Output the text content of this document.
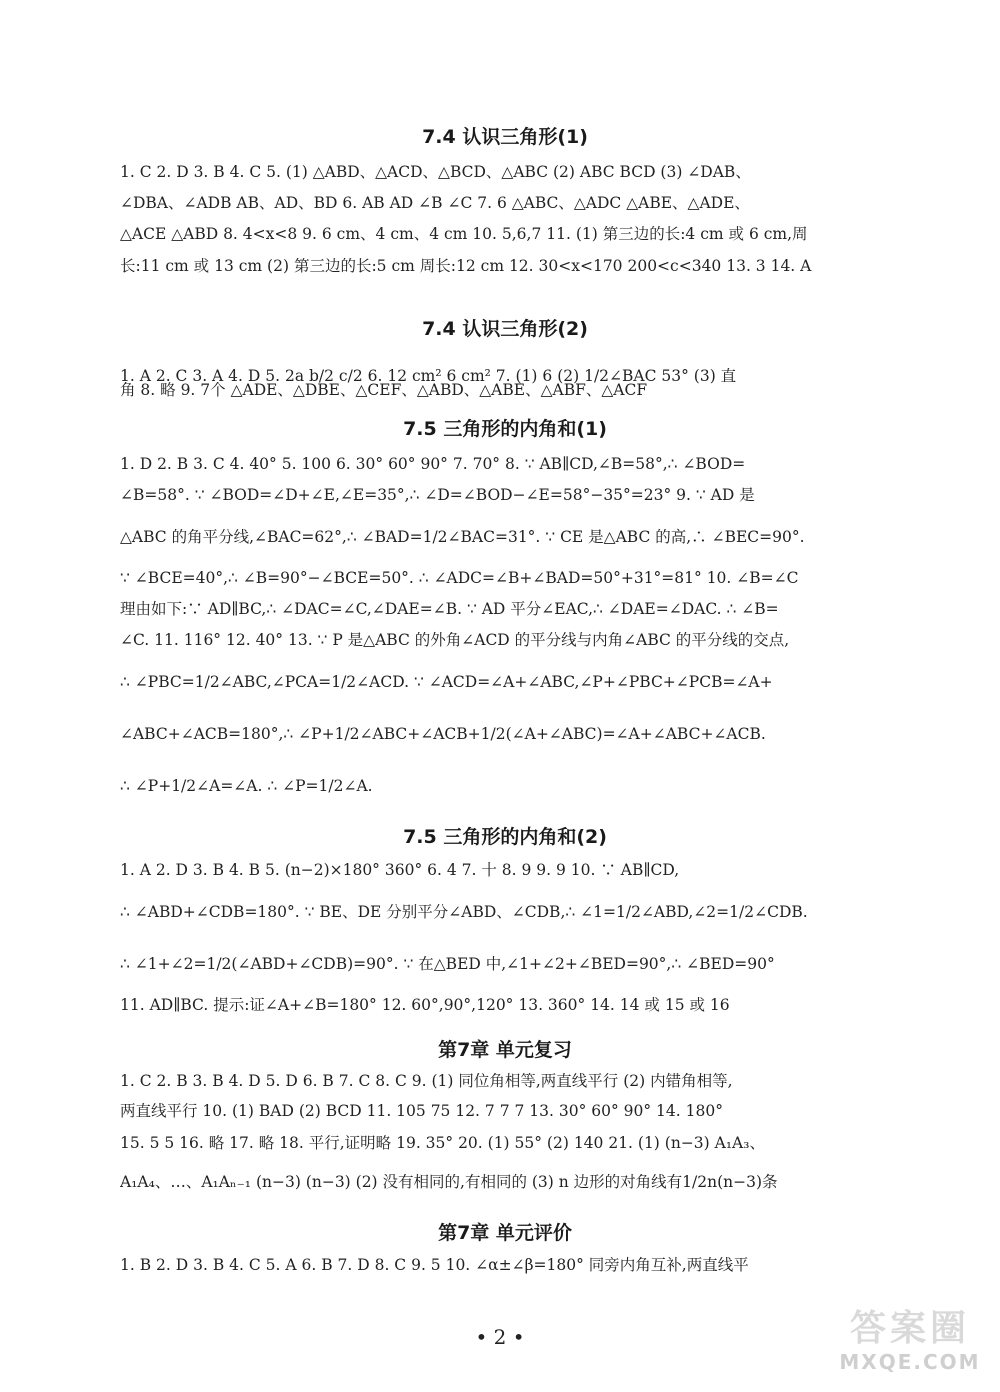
7.4 认识三角形(1)
1. C 2. D 3. B 4. C 5. (1) △ABD、△ACD、△BCD、△ABC (2) ABC BCD (3) ∠DAB、
∠DBA、∠ADB AB、AD、BD 6. AB AD ∠B ∠C 7. 6 △ABC、△ADC △ABE、△ADE、
△ACE △ABD 8. 4<x<8 9. 6 cm、4 cm、4 cm 10. 5,6,7 11. (1) 第三边的长:4 cm 或 6 cm,周
长:11 cm 或 13 cm (2) 第三边的长:5 cm 周长:12 cm 12. 30<x<170 200<c<340 13. 3 14. A
7.4 认识三角形(2)
1. A 2. C 3. A 4. D 5. 2a b/2 c/2 6. 12 cm² 6 cm² 7. (1) 6 (2) 1/2∠BAC 53° (3) 直
角 8. 略 9. 7个 △ADE、△DBE、△CEF、△ABD、△ABE、△ABF、△ACF
7.5 三角形的内角和(1)
1. D 2. B 3. C 4. 40° 5. 100 6. 30° 60° 90° 7. 70° 8. ∵ AB∥CD,∠B=58°,∴ ∠BOD=
∠B=58°. ∵ ∠BOD=∠D+∠E,∠E=35°,∴ ∠D=∠BOD−∠E=58°−35°=23° 9. ∵ AD 是
△ABC 的角平分线,∠BAC=62°,∴ ∠BAD=1/2∠BAC=31°. ∵ CE 是△ABC 的高,∴ ∠BEC=90°.
∵ ∠BCE=40°,∴ ∠B=90°−∠BCE=50°. ∴ ∠ADC=∠B+∠BAD=50°+31°=81° 10. ∠B=∠C
理由如下:∵ AD∥BC,∴ ∠DAC=∠C,∠DAE=∠B. ∵ AD 平分∠EAC,∴ ∠DAE=∠DAC. ∴ ∠B=
∠C. 11. 116° 12. 40° 13. ∵ P 是△ABC 的外角∠ACD 的平分线与内角∠ABC 的平分线的交点,
∴ ∠PBC=1/2∠ABC,∠PCA=1/2∠ACD. ∵ ∠ACD=∠A+∠ABC,∠P+∠PBC+∠PCB=∠A+
∠ABC+∠ACB=180°,∴ ∠P+1/2∠ABC+∠ACB+1/2(∠A+∠ABC)=∠A+∠ABC+∠ACB.
∴ ∠P+1/2∠A=∠A. ∴ ∠P=1/2∠A.
7.5 三角形的内角和(2)
1. A 2. D 3. B 4. B 5. (n−2)×180° 360° 6. 4 7. 十 8. 9 9. 9 10. ∵ AB∥CD,
∴ ∠ABD+∠CDB=180°. ∵ BE、DE 分别平分∠ABD、∠CDB,∴ ∠1=1/2∠ABD,∠2=1/2∠CDB.
∴ ∠1+∠2=1/2(∠ABD+∠CDB)=90°. ∵ 在△BED 中,∠1+∠2+∠BED=90°,∴ ∠BED=90°
11. AD∥BC. 提示:证∠A+∠B=180° 12. 60°,90°,120° 13. 360° 14. 14 或 15 或 16
第7章 单元复习
1. C 2. B 3. B 4. D 5. D 6. B 7. C 8. C 9. (1) 同位角相等,两直线平行 (2) 内错角相等,
两直线平行 10. (1) BAD (2) BCD 11. 105 75 12. 7 7 7 13. 30° 60° 90° 14. 180°
15. 5 5 16. 略 17. 略 18. 平行,证明略 19. 35° 20. (1) 55° (2) 140 21. (1) (n−3) A₁A₃、
A₁A₄、…、A₁Aₙ₋₁ (n−3) (n−3) (2) 没有相同的,有相同的 (3) n 边形的对角线有1/2n(n−3)条
第7章 单元评价
1. B 2. D 3. B 4. C 5. A 6. B 7. D 8. C 9. 5 10. ∠α±∠β=180° 同旁内角互补,两直线平
• 2 •	答案圈
MXQE.COM
